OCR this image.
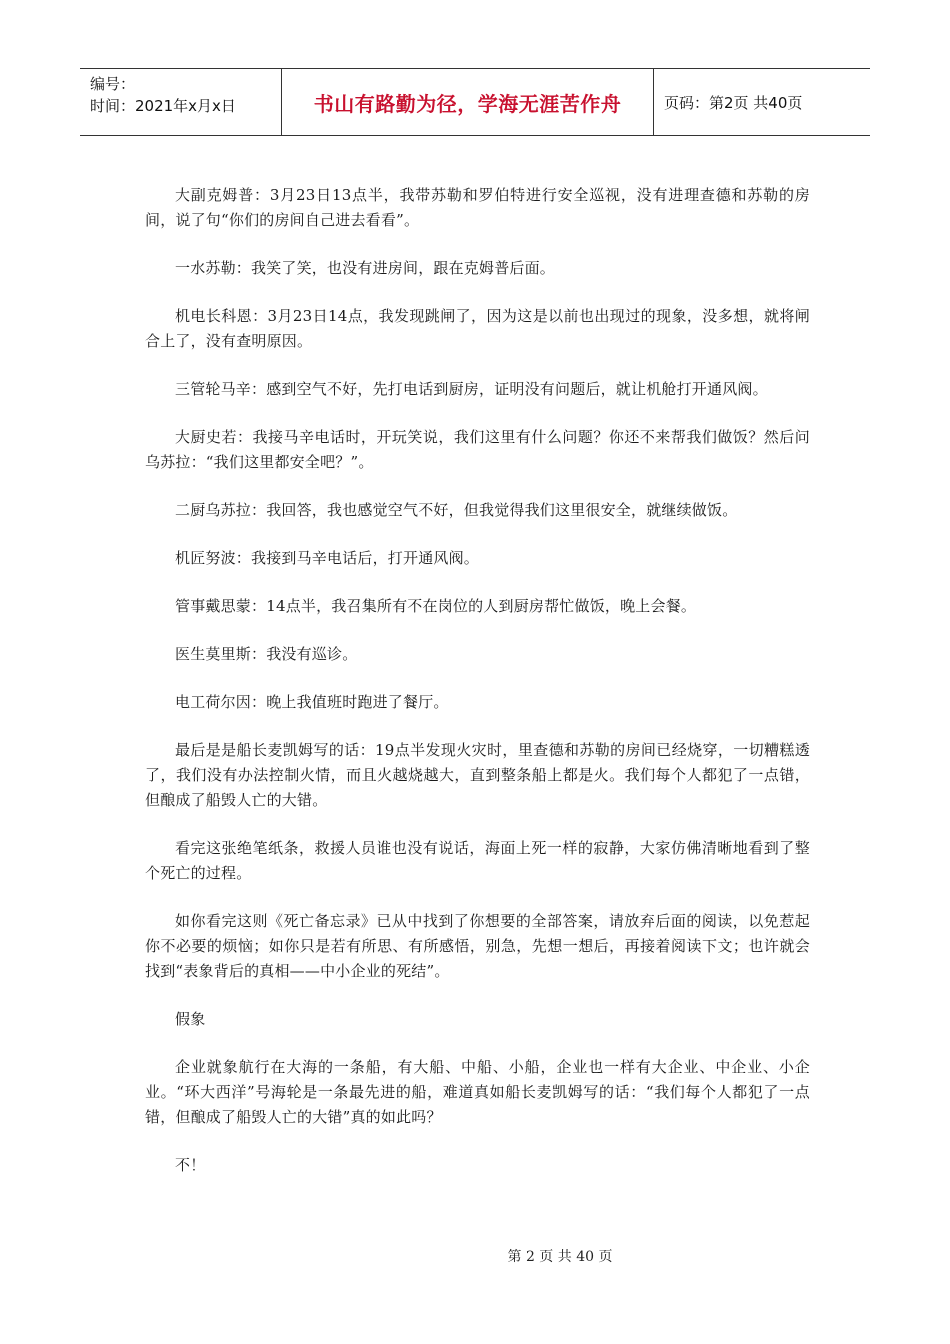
编号：
时间：2021年x月x日	书山有路勤为径，学海无涯苦作舟	页码：第2页 共40页

大副克姆普：3月23日13点半，我带苏勒和罗伯特进行安全巡视，没有进理查德和苏勒的房间，说了句“你们的房间自己进去看看”。

一水苏勒：我笑了笑，也没有进房间，跟在克姆普后面。

机电长科恩：3月23日14点，我发现跳闸了，因为这是以前也出现过的现象，没多想，就将闸合上了，没有查明原因。

三管轮马辛：感到空气不好，先打电话到厨房，证明没有问题后，就让机舱打开通风阀。

大厨史若：我接马辛电话时，开玩笑说，我们这里有什么问题？你还不来帮我们做饭？然后问乌苏拉：“我们这里都安全吧？”。

二厨乌苏拉：我回答，我也感觉空气不好，但我觉得我们这里很安全，就继续做饭。

机匠努波：我接到马辛电话后，打开通风阀。

管事戴思蒙：14点半，我召集所有不在岗位的人到厨房帮忙做饭，晚上会餐。

医生莫里斯：我没有巡诊。

电工荷尔因：晚上我值班时跑进了餐厅。

最后是是船长麦凯姆写的话：19点半发现火灾时，里查德和苏勒的房间已经烧穿，一切糟糕透了，我们没有办法控制火情，而且火越烧越大，直到整条船上都是火。我们每个人都犯了一点错，但酿成了船毁人亡的大错。

看完这张绝笔纸条，救援人员谁也没有说话，海面上死一样的寂静，大家仿佛清晰地看到了整个死亡的过程。

如你看完这则《死亡备忘录》已从中找到了你想要的全部答案，请放弃后面的阅读，以免惹起你不必要的烦恼；如你只是若有所思、有所感悟，别急，先想一想后，再接着阅读下文；也许就会找到“表象背后的真相——中小企业的死结”。

假象

企业就象航行在大海的一条船，有大船、中船、小船，企业也一样有大企业、中企业、小企业。“环大西洋”号海轮是一条最先进的船，难道真如船长麦凯姆写的话：“我们每个人都犯了一点错，但酿成了船毁人亡的大错”真的如此吗？

不！

第 2 页 共 40 页
